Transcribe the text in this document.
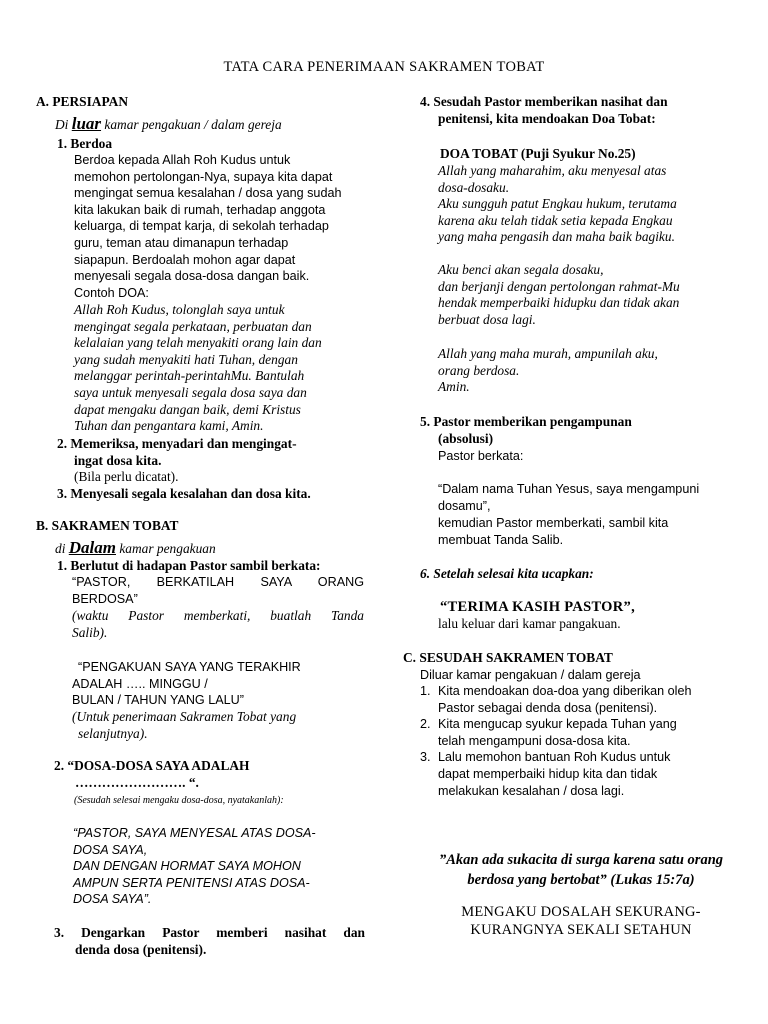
TATA CARA PENERIMAAN SAKRAMEN TOBAT
A. PERSIAPAN
Di luar kamar pengakuan / dalam gereja
1. Berdoa
Berdoa kepada Allah Roh Kudus untuk
memohon pertolongan-Nya, supaya kita dapat
mengingat semua kesalahan / dosa yang sudah
kita lakukan baik di rumah, terhadap anggota
keluarga, di tempat karja, di sekolah terhadap
guru, teman atau dimanapun terhadap
siapapun. Berdoalah mohon agar dapat
menyesali segala dosa-dosa dangan baik.
Contoh DOA:
Allah Roh Kudus, tolonglah saya untuk
mengingat segala perkataan, perbuatan dan
kelalaian yang telah menyakiti orang lain dan
yang sudah menyakiti hati Tuhan, dengan
melanggar perintah-perintahMu. Bantulah
saya untuk menyesali segala dosa saya dan
dapat mengaku dangan baik, demi Kristus
Tuhan dan pengantara kami, Amin.
2. Memeriksa, menyadari dan mengingat-
ingat dosa kita.
(Bila perlu dicatat).
3. Menyesali segala kesalahan dan dosa kita.
B. SAKRAMEN TOBAT
di Dalam kamar pengakuan
1. Berlutut di hadapan Pastor sambil berkata:
“PASTOR, BERKATILAH SAYA ORANG
BERDOSA”
(waktu Pastor memberkati, buatlah Tanda
Salib).
“PENGAKUAN SAYA YANG TERAKHIR
ADALAH ….. MINGGU /
BULAN / TAHUN YANG LALU”
(Untuk penerimaan Sakramen Tobat yang
selanjutnya).
2. “DOSA-DOSA SAYA ADALAH
……………………. “.
(Sesudah selesai mengaku dosa-dosa, nyatakanlah):
“PASTOR, SAYA MENYESAL ATAS DOSA-
DOSA SAYA,
DAN DENGAN HORMAT SAYA MOHON
AMPUN SERTA PENITENSI ATAS DOSA-
DOSA SAYA”.
3. Dengarkan Pastor memberi nasihat dan
denda dosa (penitensi).
4. Sesudah Pastor memberikan nasihat dan
penitensi, kita mendoakan Doa Tobat:
DOA TOBAT (Puji Syukur No.25)
Allah yang maharahim, aku menyesal atas
dosa-dosaku.
Aku sungguh patut Engkau hukum, terutama
karena aku telah tidak setia kepada Engkau
yang maha pengasih dan maha baik bagiku.
Aku benci akan segala dosaku,
dan berjanji dengan pertolongan rahmat-Mu
hendak memperbaiki hidupku dan tidak akan
berbuat dosa lagi.
Allah yang maha murah, ampunilah aku,
orang berdosa.
Amin.
5. Pastor memberikan pengampunan
(absolusi)
Pastor berkata:
“Dalam nama Tuhan Yesus, saya mengampuni
dosamu”,
kemudian Pastor memberkati, sambil kita
membuat Tanda Salib.
6. Setelah selesai kita ucapkan:
“TERIMA KASIH PASTOR”,
lalu keluar dari kamar pangakuan.
C. SESUDAH SAKRAMEN TOBAT
Diluar kamar pengakuan / dalam gereja
1. Kita mendoakan doa-doa yang diberikan oleh
Pastor sebagai denda dosa (penitensi).
2. Kita mengucap syukur kepada Tuhan yang
telah mengampuni dosa-dosa kita.
3. Lalu memohon bantuan Roh Kudus untuk
dapat memperbaiki hidup kita dan tidak
melakukan kesalahan / dosa lagi.
”Akan ada sukacita di surga karena satu orang
berdosa yang bertobat” (Lukas 15:7a)
MENGAKU DOSALAH SEKURANG-
KURANGNYA SEKALI SETAHUN
